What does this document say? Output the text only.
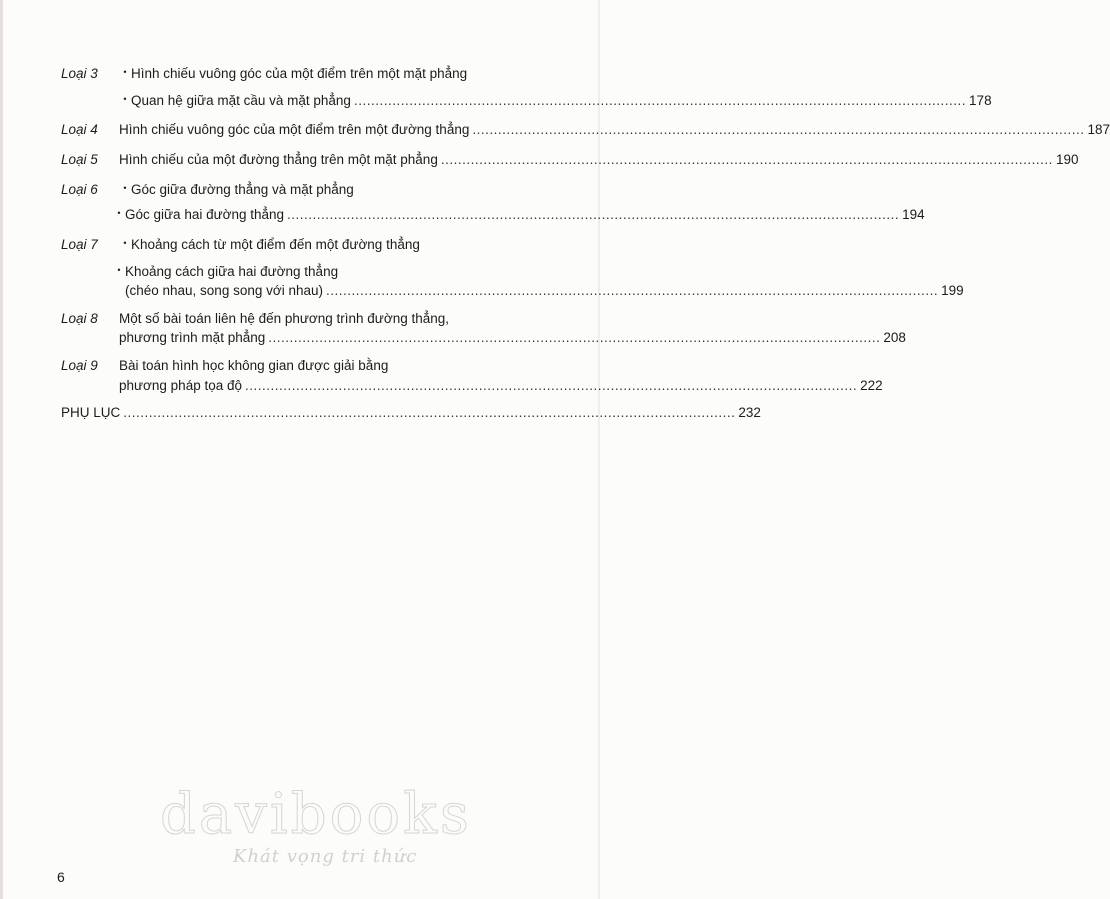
Loại 3	• Hình chiếu vuông góc của một điểm trên một mặt phẳng
• Quan hệ giữa mặt cầu và mặt phẳng ................................................................................................................................................ 178
Loại 4	Hình chiếu vuông góc của một điểm trên một đường thẳng ................................................................................................................................................ 187
Loại 5	Hình chiếu của một đường thẳng trên một mặt phẳng ................................................................................................................................................ 190
Loại 6	• Góc giữa đường thẳng và mặt phẳng
• Góc giữa hai đường thẳng ................................................................................................................................................ 194
Loại 7	• Khoảng cách từ một điểm đến một đường thẳng
• Khoảng cách giữa hai đường thẳng
(chéo nhau, song song với nhau) ................................................................................................................................................ 199
Loại 8	Một số bài toán liên hệ đến phương trình đường thẳng,
phương trình mặt phẳng ................................................................................................................................................ 208
Loại 9	Bài toán hình học không gian được giải bằng
phương pháp tọa độ ................................................................................................................................................ 222
PHỤ LỤC ................................................................................................................................................ 232
davibooks
Khát vọng tri thức
6
